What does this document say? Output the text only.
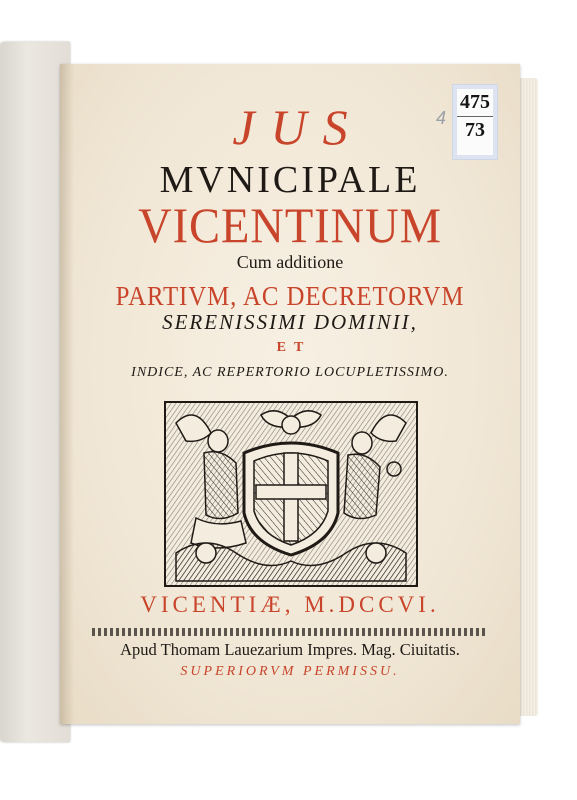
475
73
4
JUS
MVNICIPALE
VICENTINUM
Cum additione
PARTIVM, AC DECRETORVM
SERENISSIMI DOMINII,
ET
INDICE, AC REPERTORIO LOCUPLETISSIMO.
VICENTIÆ, M.DCCVI.
Apud Thomam Lauezarium Impres. Mag. Ciuitatis.
SUPERIORVM PERMISSU.
